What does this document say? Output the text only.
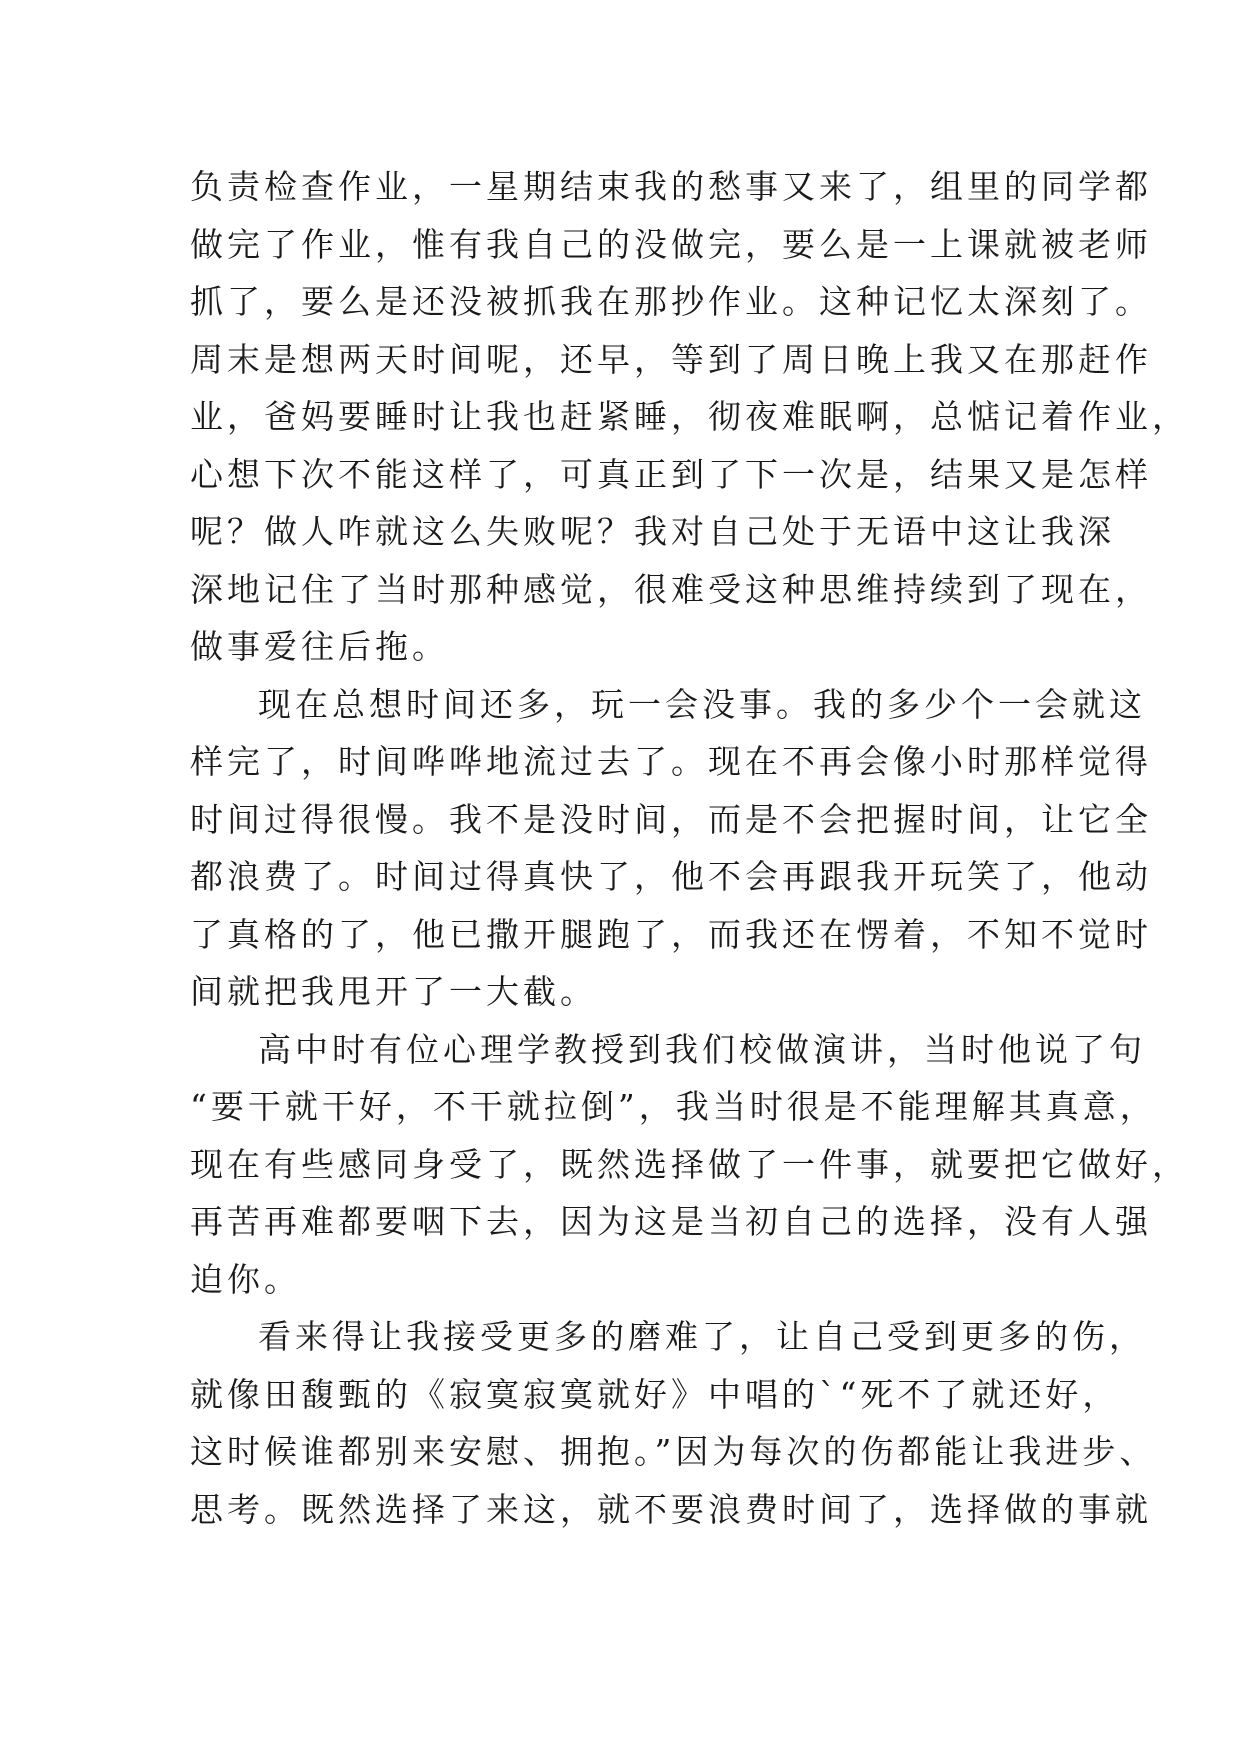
负责检查作业，一星期结束我的愁事又来了，组里的同学都
做完了作业，惟有我自己的没做完，要么是一上课就被老师
抓了，要么是还没被抓我在那抄作业。这种记忆太深刻了。
周末是想两天时间呢，还早，等到了周日晚上我又在那赶作
业，爸妈要睡时让我也赶紧睡，彻夜难眠啊，总惦记着作业，
心想下次不能这样了，可真正到了下一次是，结果又是怎样
呢？做人咋就这么失败呢？我对自己处于无语中这让我深
深地记住了当时那种感觉，很难受这种思维持续到了现在，
做事爱往后拖。
现在总想时间还多，玩一会没事。我的多少个一会就这
样完了，时间哗哗地流过去了。现在不再会像小时那样觉得
时间过得很慢。我不是没时间，而是不会把握时间，让它全
都浪费了。时间过得真快了，他不会再跟我开玩笑了，他动
了真格的了，他已撒开腿跑了，而我还在愣着，不知不觉时
间就把我甩开了一大截。
高中时有位心理学教授到我们校做演讲，当时他说了句
“要干就干好，不干就拉倒”，我当时很是不能理解其真意，
现在有些感同身受了，既然选择做了一件事，就要把它做好，
再苦再难都要咽下去，因为这是当初自己的选择，没有人强
迫你。
看来得让我接受更多的磨难了，让自己受到更多的伤，
就像田馥甄的《寂寞寂寞就好》中唱的`“死不了就还好，
这时候谁都别来安慰、拥抱。”因为每次的伤都能让我进步、
思考。既然选择了来这，就不要浪费时间了，选择做的事就
